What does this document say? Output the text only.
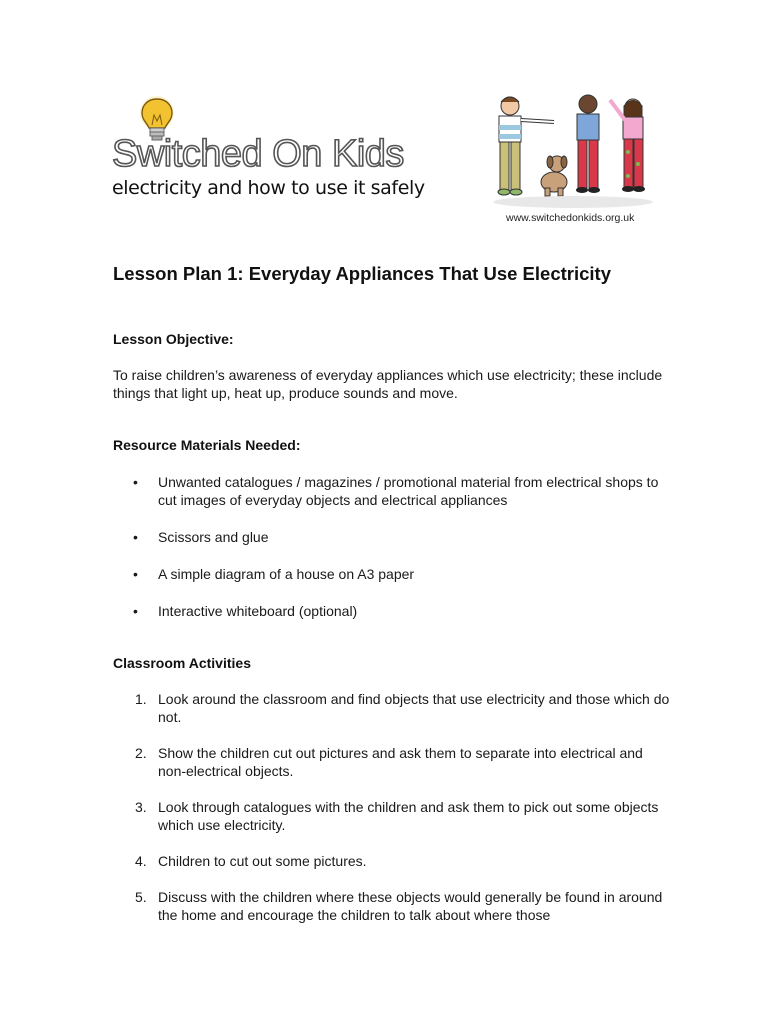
Switched On Kids
electricity and how to use it safely
www.switchedonkids.org.uk
Lesson Plan 1: Everyday Appliances That Use Electricity
Lesson Objective:

To raise children’s awareness of everyday appliances which use electricity; these include things that light up, heat up, produce sounds and move.

Resource Materials Needed:
• Unwanted catalogues / magazines / promotional material from electrical shops to cut images of everyday objects and electrical appliances
• Scissors and glue
• A simple diagram of a house on A3 paper
• Interactive whiteboard (optional)
Classroom Activities
1. Look around the classroom and find objects that use electricity and those which do not.
2. Show the children cut out pictures and ask them to separate into electrical and non-electrical objects.
3. Look through catalogues with the children and ask them to pick out some objects which use electricity.
4. Children to cut out some pictures.
5. Discuss with the children where these objects would generally be found in around the home and encourage the children to talk about where those
